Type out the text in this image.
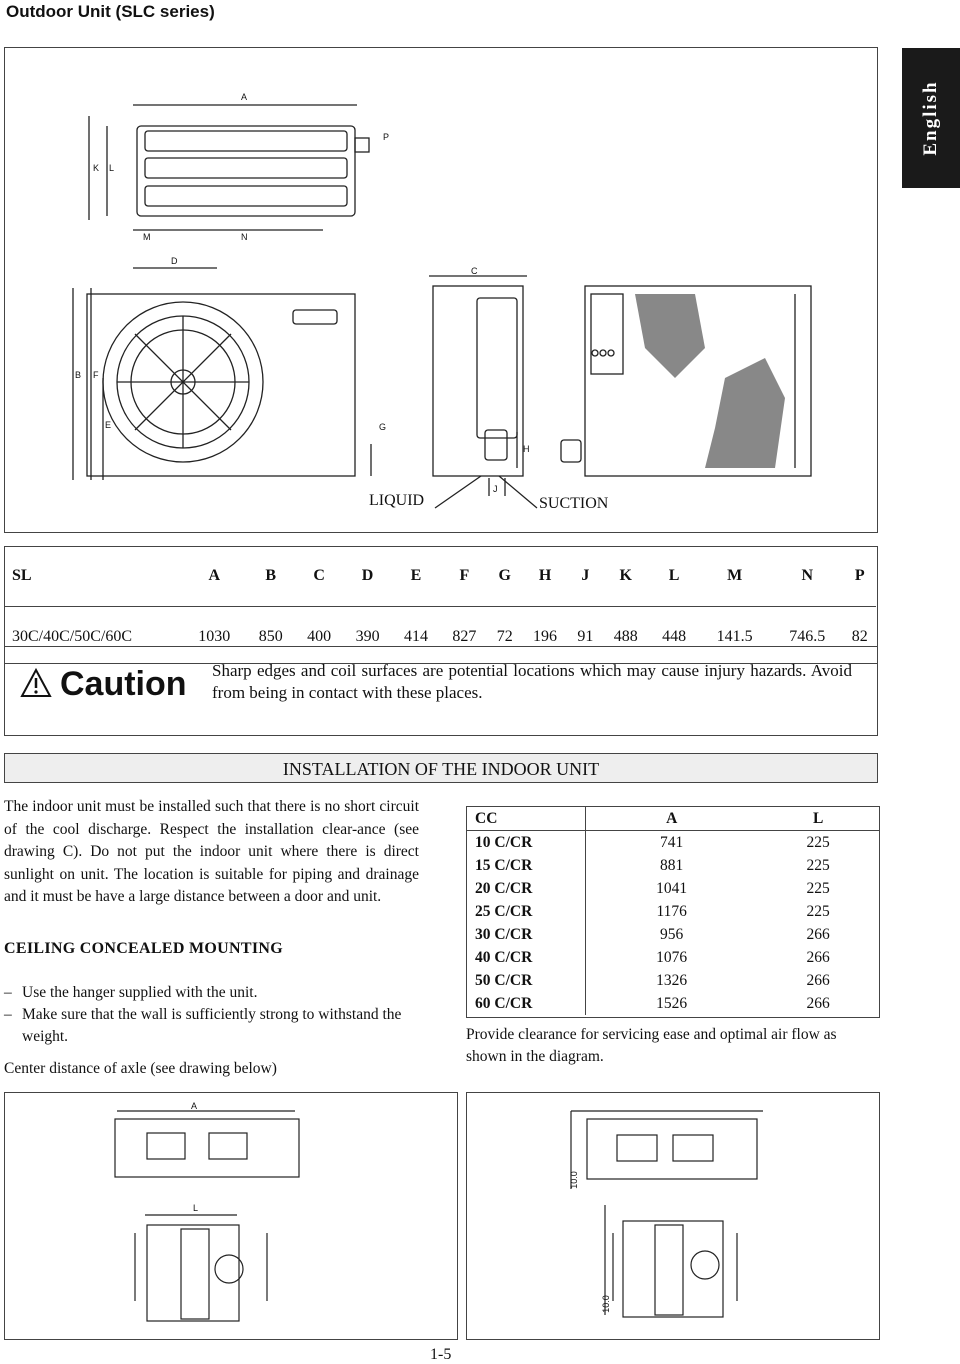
Outdoor Unit (SLC series)
English
A
K L
P
M	N
D
B F
E	G
C
H
J
LIQUID	SUCTION
SL	A	B	C	D	E	F	G	H	J	K	L	M	N	P
30C/40C/50C/60C	1030	850	400	390	414	827	72	196	91	488	448	141.5	746.5	82
Caution Sharp edges and coil surfaces are potential locations which may cause injury hazards. Avoid from being in contact with these places.
INSTALLATION OF THE INDOOR UNIT
The indoor unit must be installed such that there is no short circuit of the cool discharge. Respect the installation clear-ance (see drawing C). Do not put the indoor unit where there is direct sunlight on unit. The location is suitable for piping and drainage and it must be have a large distance between a door and unit.
CEILING CONCEALED MOUNTING
– Use the hanger supplied with the unit.
– Make sure that the wall is sufficiently strong to withstand the weight.
Center distance of axle (see drawing below)
CC	A	L
10 C/CR	741	225
15 C/CR	881	225
20 C/CR	1041	225
25 C/CR	1176	225
30 C/CR	956	266
40 C/CR	1076	266
50 C/CR	1326	266
60 C/CR	1526	266
Provide clearance for servicing ease and optimal air flow as shown in the diagram.
A
L
10.0
10.0
1-5
